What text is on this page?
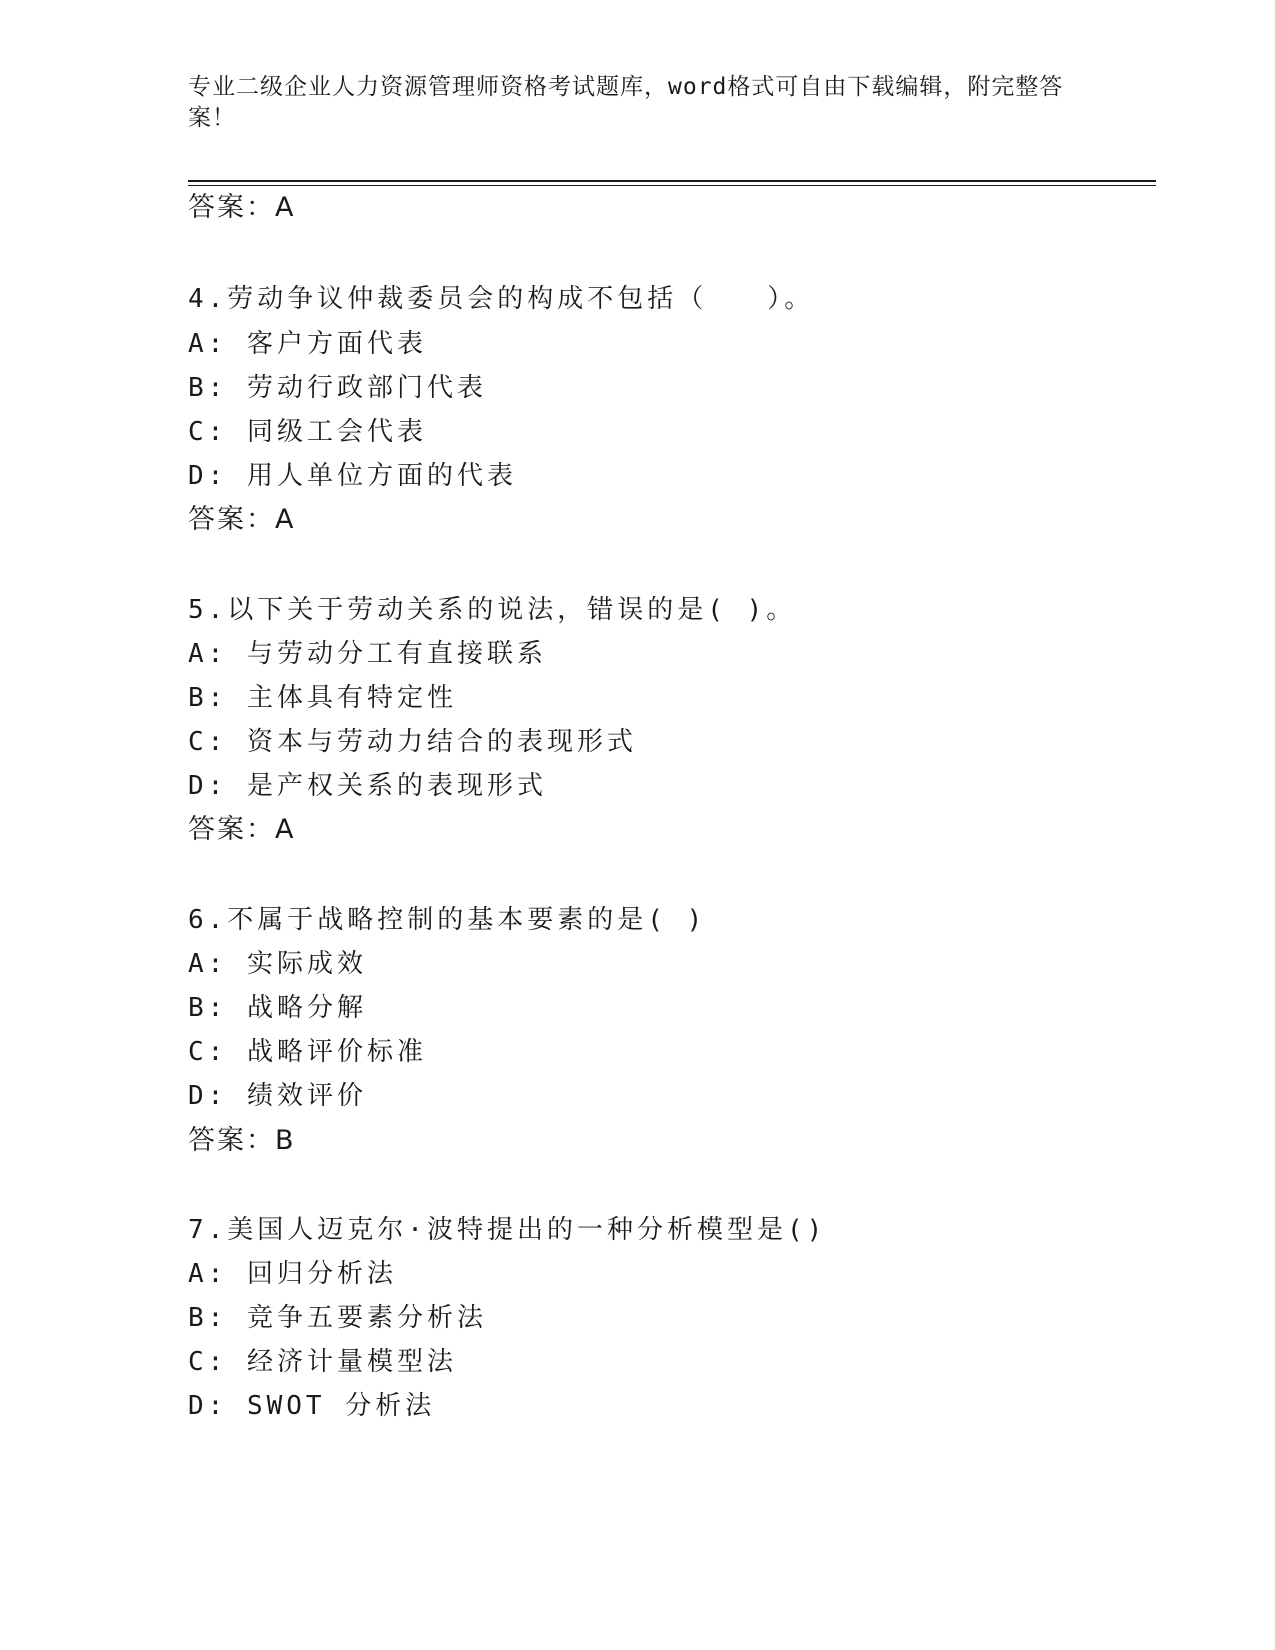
专业二级企业人力资源管理师资格考试题库，word格式可自由下载编辑，附完整答案！
答案：A
4.劳动争议仲裁委员会的构成不包括（　　）。
A: 客户方面代表
B: 劳动行政部门代表
C: 同级工会代表
D: 用人单位方面的代表
答案：A
5.以下关于劳动关系的说法，错误的是( )。
A: 与劳动分工有直接联系
B: 主体具有特定性
C: 资本与劳动力结合的表现形式
D: 是产权关系的表现形式
答案：A
6.不属于战略控制的基本要素的是( )
A: 实际成效
B: 战略分解
C: 战略评价标准
D: 绩效评价
答案：B
7.美国人迈克尔·波特提出的一种分析模型是()
A: 回归分析法
B: 竞争五要素分析法
C: 经济计量模型法
D: SWOT 分析法
